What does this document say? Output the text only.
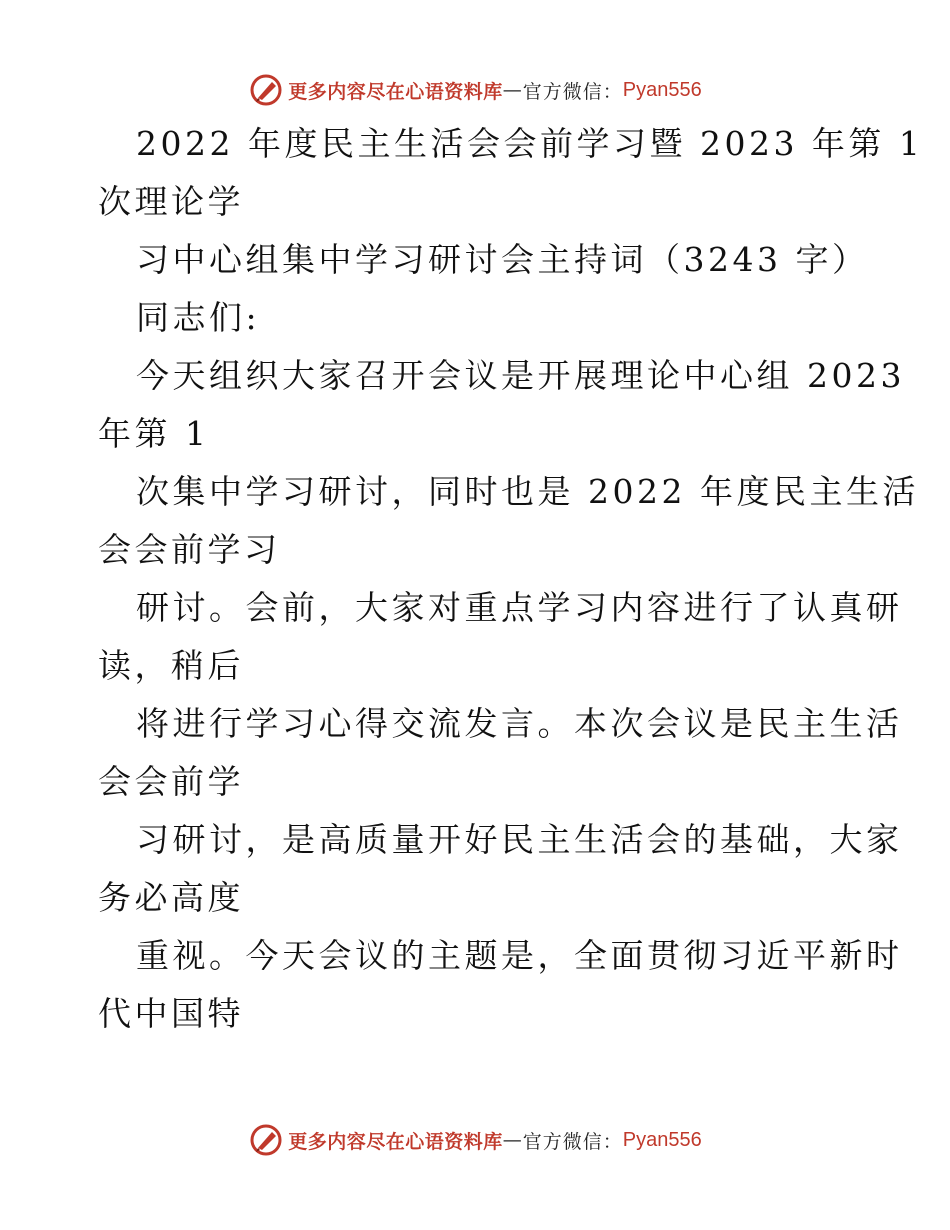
更多内容尽在心语资料库 — 官方微信： Pyan556
2022 年度民主生活会会前学习暨 2023 年第 1
次理论学
习中心组集中学习研讨会主持词（3243 字）
同志们:
今天组织大家召开会议是开展理论中心组 2023
年第 1
次集中学习研讨，同时也是 2022 年度民主生活
会会前学习
研讨。会前，大家对重点学习内容进行了认真研
读，稍后
将进行学习心得交流发言。本次会议是民主生活
会会前学
习研讨，是高质量开好民主生活会的基础，大家
务必高度
重视。今天会议的主题是，全面贯彻习近平新时
代中国特
更多内容尽在心语资料库 — 官方微信： Pyan556
